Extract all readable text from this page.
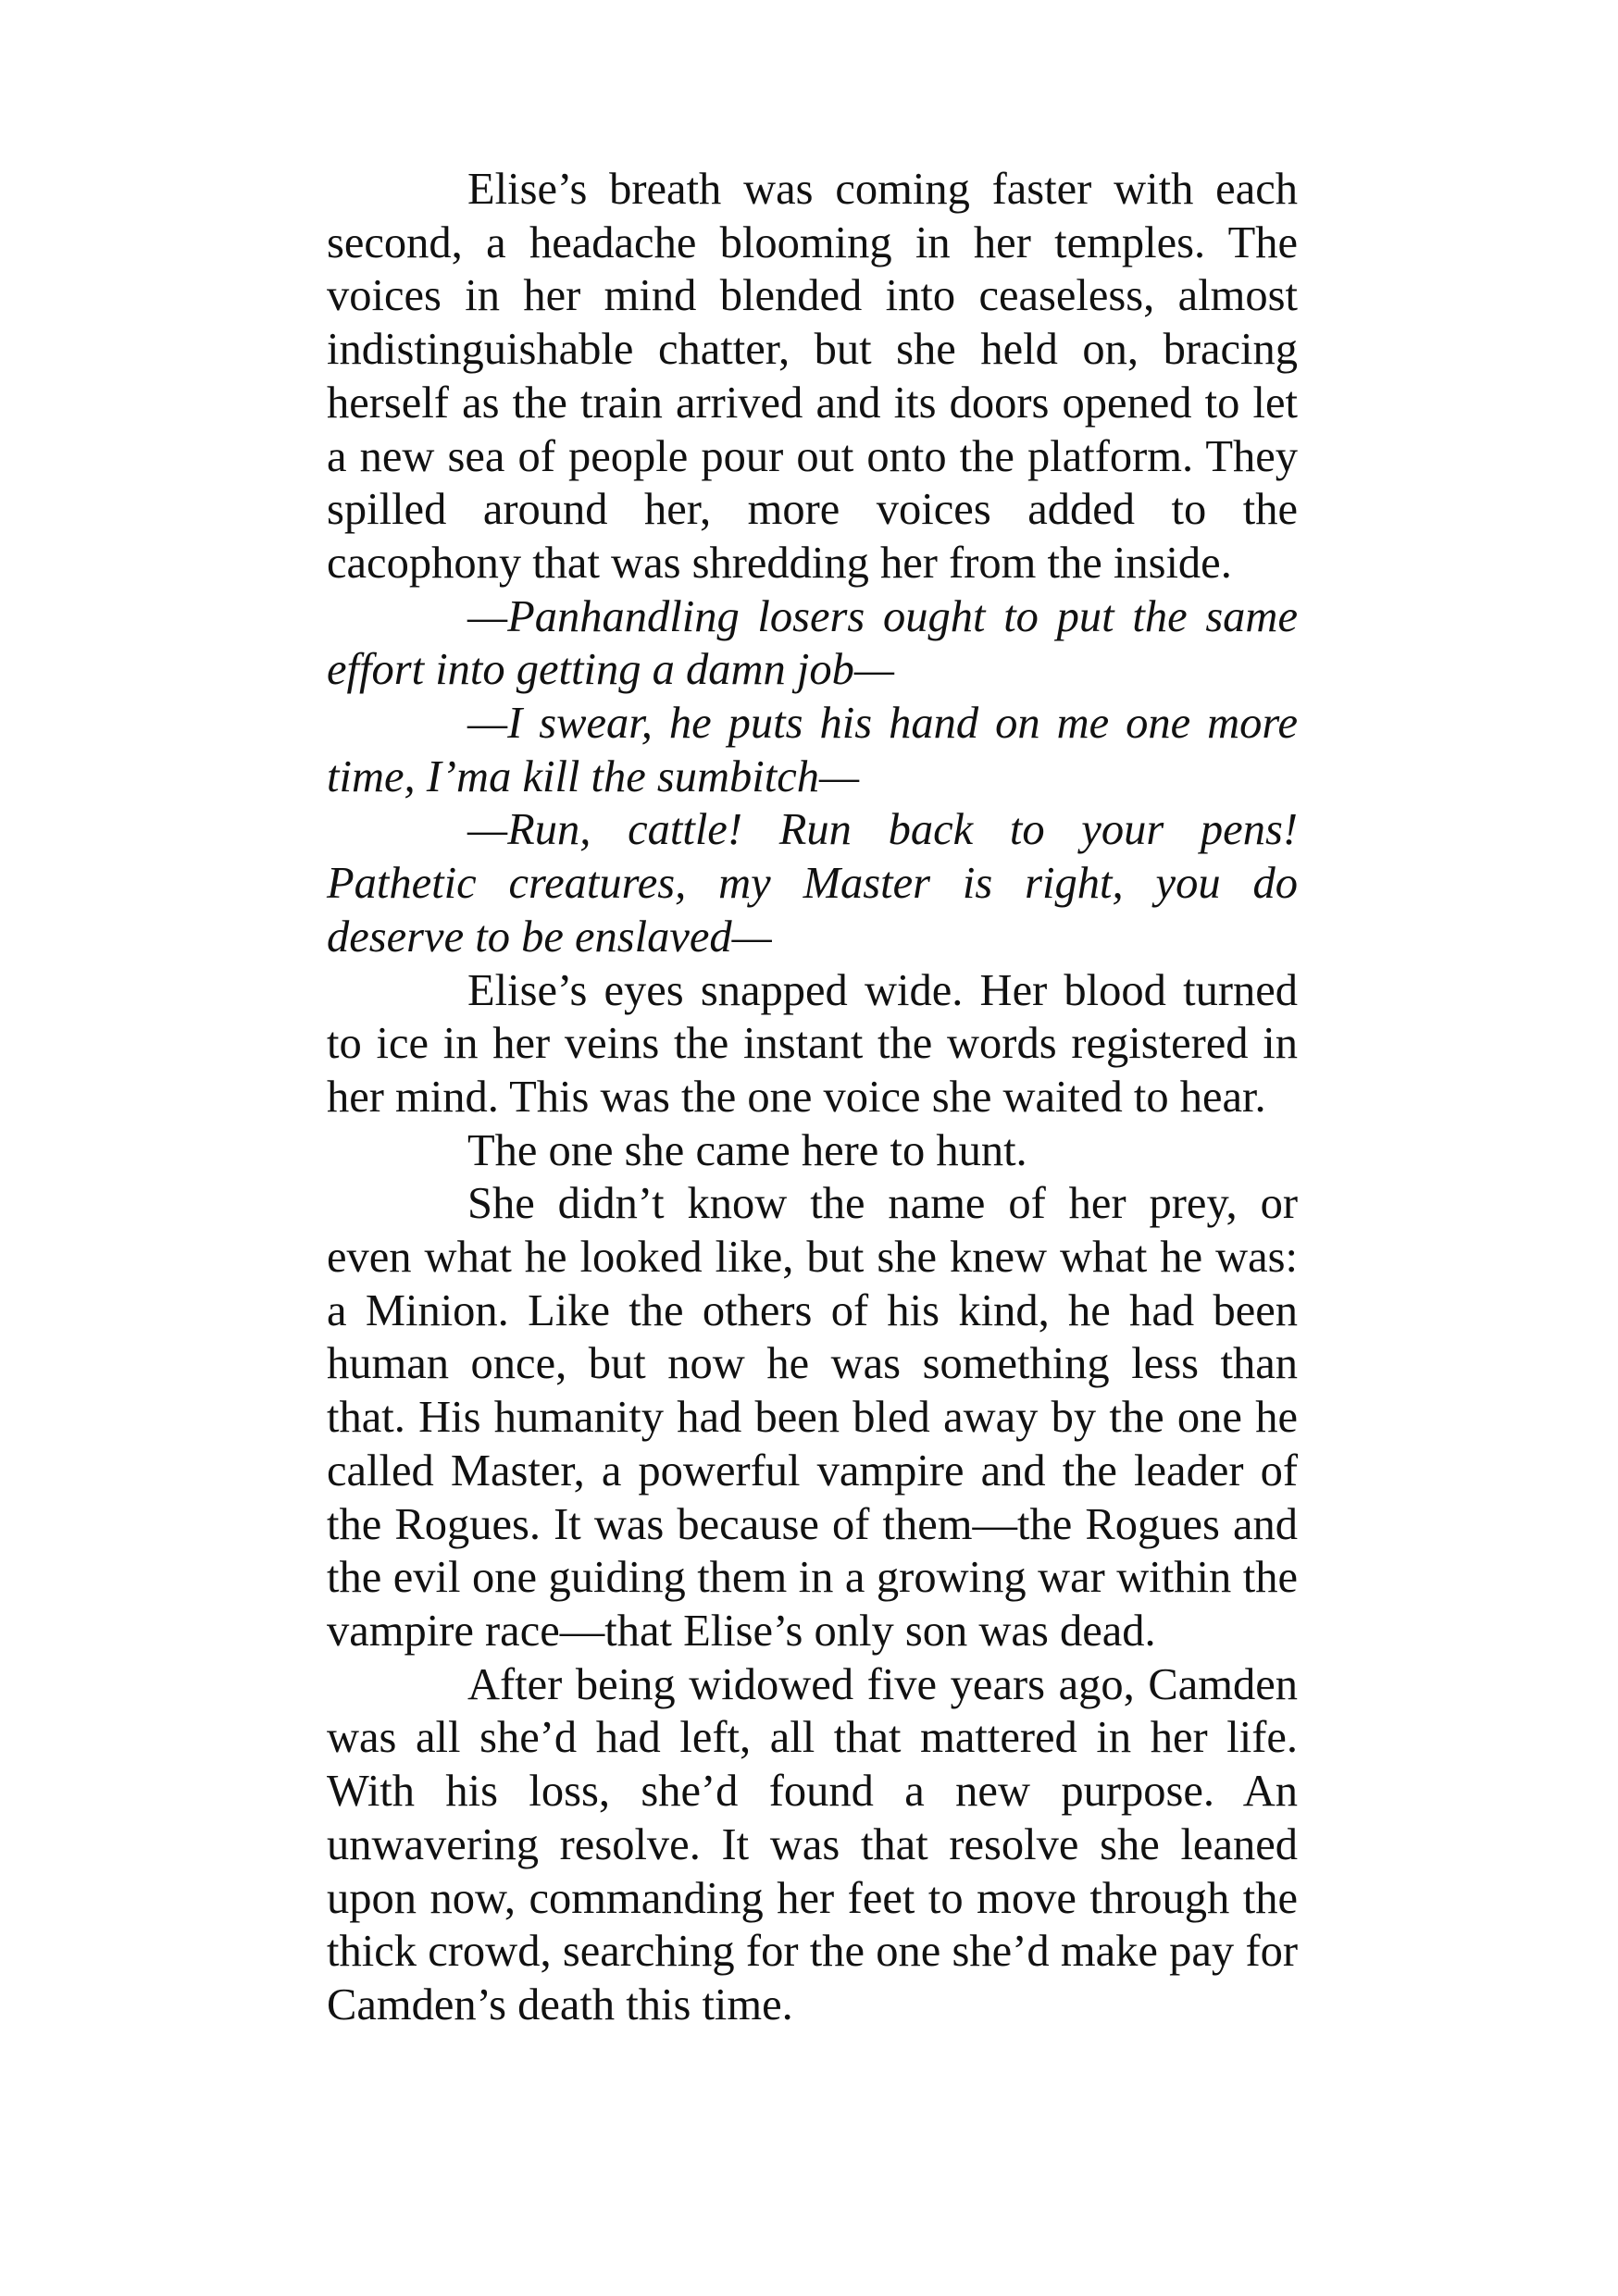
Elise’s breath was coming faster with each second, a headache blooming in her temples. The voices in her mind blended into ceaseless, almost indistinguishable chatter, but she held on, bracing herself as the train arrived and its doors opened to let a new sea of people pour out onto the platform. They spilled around her, more voices added to the cacophony that was shredding her from the inside.

—Panhandling losers ought to put the same effort into getting a damn job—

—I swear, he puts his hand on me one more time, I’ma kill the sumbitch—

—Run, cattle! Run back to your pens! Pathetic creatures, my Master is right, you do deserve to be enslaved—

Elise’s eyes snapped wide. Her blood turned to ice in her veins the instant the words registered in her mind. This was the one voice she waited to hear.

The one she came here to hunt.

She didn’t know the name of her prey, or even what he looked like, but she knew what he was: a Minion. Like the others of his kind, he had been human once, but now he was something less than that. His humanity had been bled away by the one he called Master, a powerful vampire and the leader of the Rogues. It was because of them—the Rogues and the evil one guiding them in a growing war within the vampire race—that Elise’s only son was dead.

After being widowed five years ago, Camden was all she’d had left, all that mattered in her life. With his loss, she’d found a new purpose. An unwavering resolve. It was that resolve she leaned upon now, commanding her feet to move through the thick crowd, searching for the one she’d make pay for Camden’s death this time.
